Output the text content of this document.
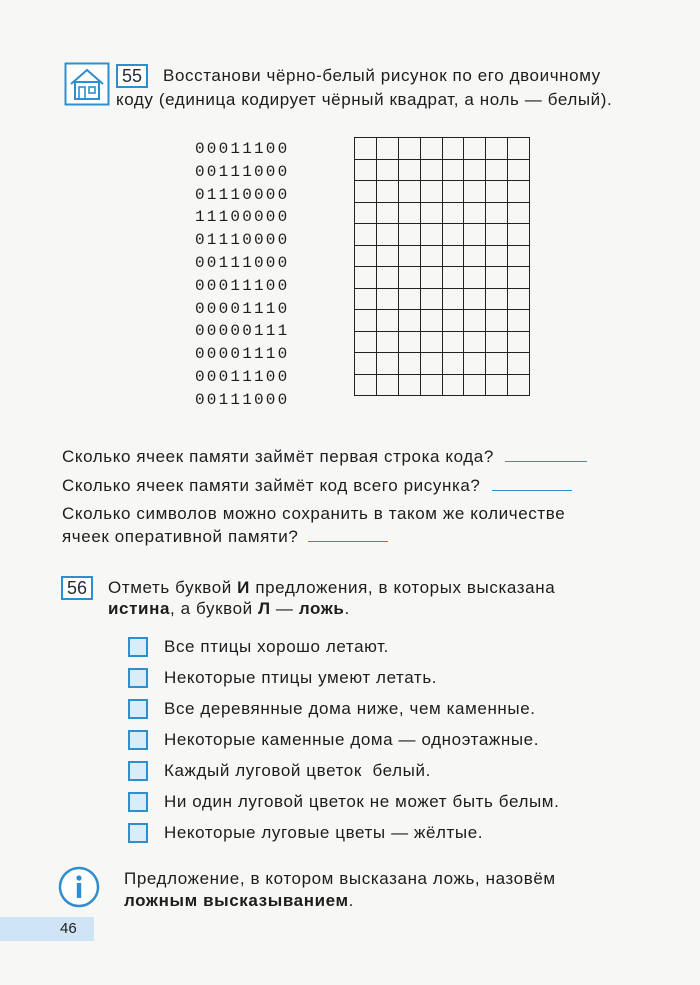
55	Восстанови чёрно-белый рисунок по его двоичному
коду (единица кодирует чёрный квадрат, а ноль — белый).
00011100
00111000
01110000
11100000
01110000
00111000
00011100
00001110
00000111
00001110
00011100
00111000

Сколько ячеек памяти займёт первая строка кода?
Сколько ячеек памяти займёт код всего рисунка?
Сколько символов можно сохранить в таком же количестве
ячеек оперативной памяти?
56	Отметь буквой И предложения, в которых высказана
истина, а буквой Л — ложь.
Все птицы хорошо летают.
Некоторые птицы умеют летать.
Все деревянные дома ниже, чем каменные.
Некоторые каменные дома — одноэтажные.
Каждый луговой цветок  белый.
Ни один луговой цветок не может быть белым.
Некоторые луговые цветы — жёлтые.
Предложение, в котором высказана ложь, назовём
ложным высказыванием.
46
